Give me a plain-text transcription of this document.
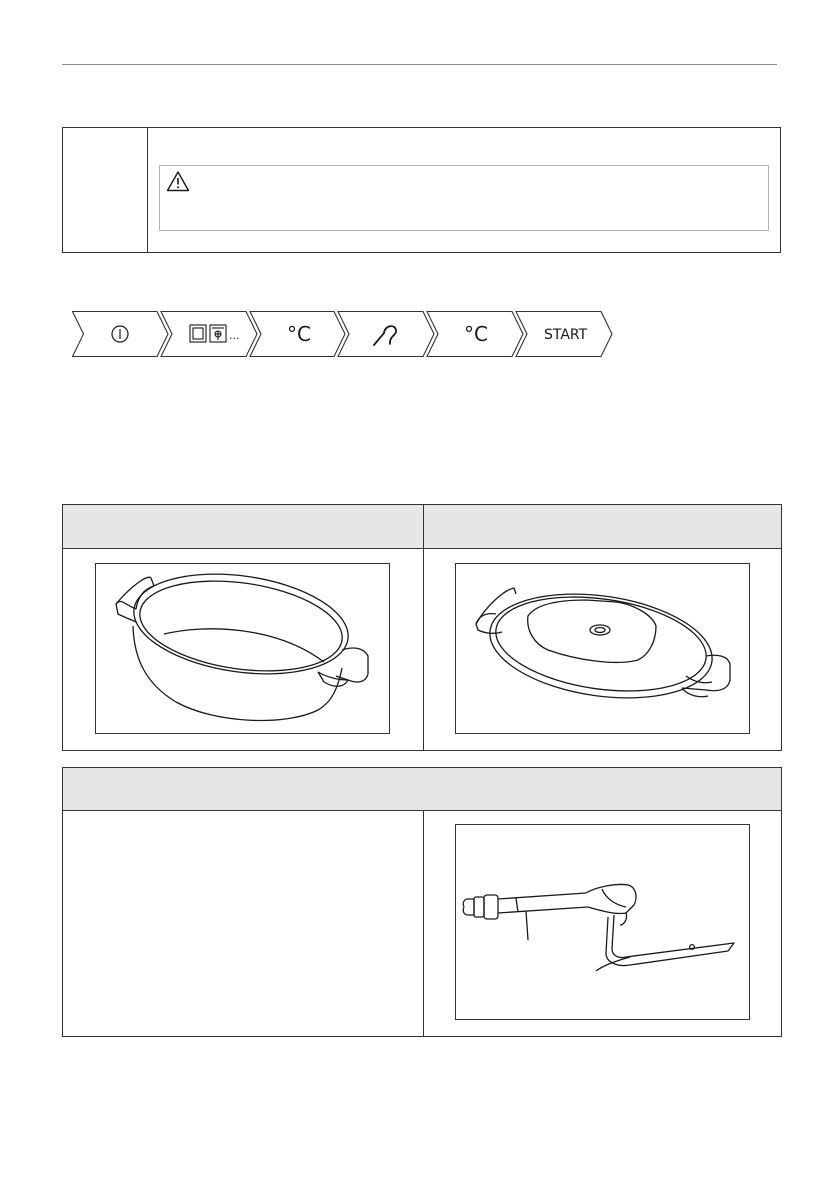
... °C	°C	START
